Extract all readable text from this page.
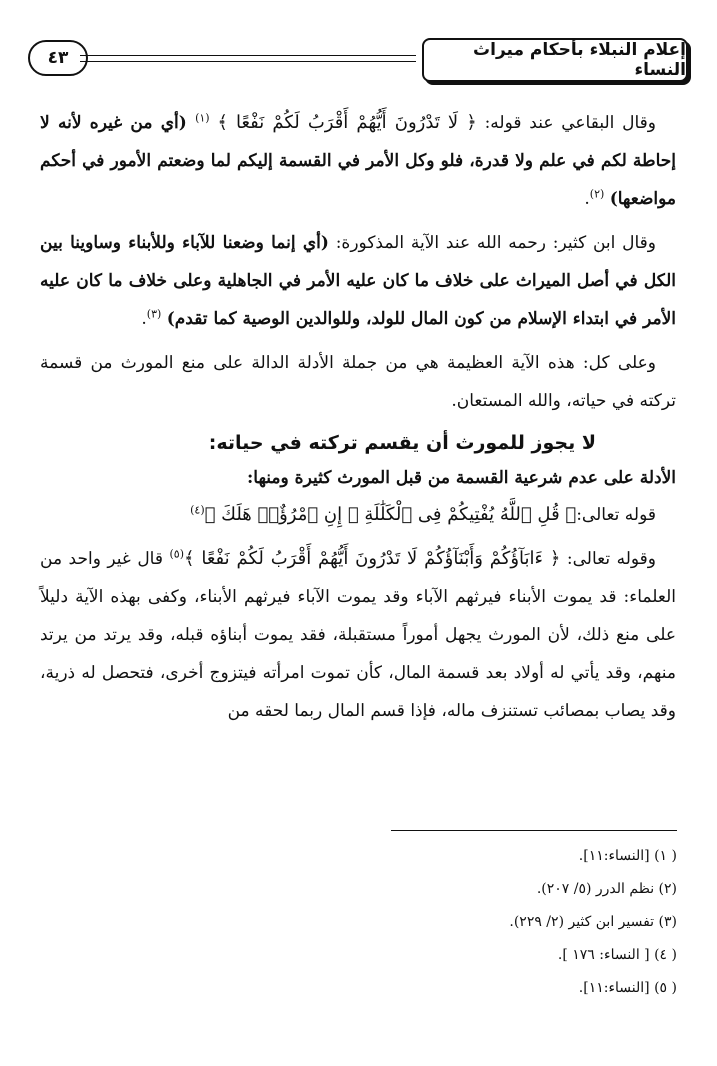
٤٣	إعلام النبلاء بأحكام ميراث النساء

وقال البقاعي عند قوله: ﴿ لَا تَدْرُونَ أَيُّهُمْ أَقْرَبُ لَكُمْ نَفْعًا ﴾ $^{(١)}$ (أي من غيره لأنه لا إحاطة لكم في علم ولا قدرة، فلو وكل الأمر في القسمة إليكم لما وضعتم الأمور في أحكم مواضعها) $^{(٢)}$.

وقال ابن كثير: رحمه الله عند الآية المذكورة: (أي إنما وضعنا للآباء وللأبناء وساوينا بين الكل في أصل الميراث على خلاف ما كان عليه الأمر في الجاهلية وعلى خلاف ما كان عليه الأمر في ابتداء الإسلام من كون المال للولد، وللوالدين الوصية كما تقدم) $^{(٣)}$.

وعلى كل: هذه الآية العظيمة هي من جملة الأدلة الدالة على منع المورث من قسمة تركته في حياته، والله المستعان.

لا يجوز للمورث أن يقسم تركته في حياته:
الأدلة على عدم شرعية القسمة من قبل المورث كثيرة ومنها:

قوله تعالى:﴿ قُلِ ٱللَّهُ يُفْتِيكُمْ فِى ٱلْكَلَٰلَةِ ۚ إِنِ ٱمْرُؤٌا۟ هَلَكَ ﴾$^{(٤)}$

وقوله تعالى: ﴿ ءَابَآؤُكُمْ وَأَبْنَآؤُكُمْ لَا تَدْرُونَ أَيُّهُمْ أَقْرَبُ لَكُمْ نَفْعًا ﴾$^{(٥)}$ قال غير واحد من العلماء: قد يموت الأبناء فيرثهم الآباء وقد يموت الآباء فيرثهم الأبناء، وكفى بهذه الآية دليلاً على منع ذلك، لأن المورث يجهل أموراً مستقبلة، فقد يموت أبناؤه قبله، وقد يرتد من يرتد منهم، وقد يأتي له أولاد بعد قسمة المال، كأن تموت امرأته فيتزوج أخرى، فتحصل له ذرية، وقد يصاب بمصائب تستنزف ماله، فإذا قسم المال ربما لحقه من

( ١) [النساء:١١].
(٢) نظم الدرر (٥/ ٢٠٧).
(٣) تفسير ابن كثير (٢/ ٢٢٩).
( ٤) [ النساء: ١٧٦ ].
( ٥) [النساء:١١].
